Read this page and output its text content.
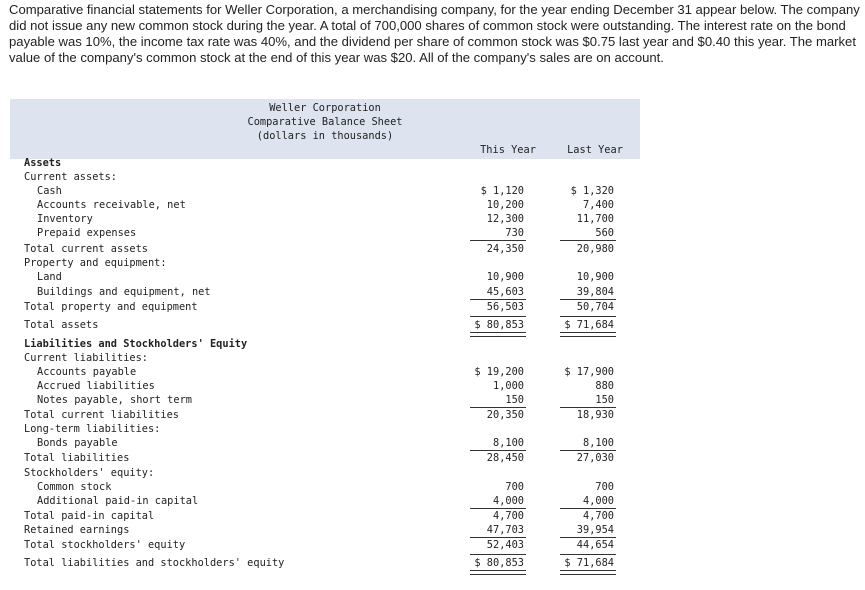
Comparative financial statements for Weller Corporation, a merchandising company, for the year ending December 31 appear below. The company did not issue any new common stock during the year. A total of 700,000 shares of common stock were outstanding. The interest rate on the bond payable was 10%, the income tax rate was 40%, and the dividend per share of common stock was $0.75 last year and $0.40 this year. The market value of the company's common stock at the end of this year was $20. All of the company's sales are on account.

Weller Corporation
Comparative Balance Sheet
(dollars in thousands)
This Year	Last Year
Assets
Current assets:
Cash	$ 1,120	$ 1,320
Accounts receivable, net	10,200	7,400
Inventory	12,300	11,700
Prepaid expenses	730	560
Total current assets	24,350	20,980
Property and equipment:
Land	10,900	10,900
Buildings and equipment, net	45,603	39,804
Total property and equipment	56,503	50,704
Total assets	$ 80,853	$ 71,684
Liabilities and Stockholders' Equity
Current liabilities:
Accounts payable	$ 19,200	$ 17,900
Accrued liabilities	1,000	880
Notes payable, short term	150	150
Total current liabilities	20,350	18,930
Long-term liabilities:
Bonds payable	8,100	8,100
Total liabilities	28,450	27,030
Stockholders' equity:
Common stock	700	700
Additional paid-in capital	4,000	4,000
Total paid-in capital	4,700	4,700
Retained earnings	47,703	39,954
Total stockholders' equity	52,403	44,654
Total liabilities and stockholders' equity	$ 80,853	$ 71,684
